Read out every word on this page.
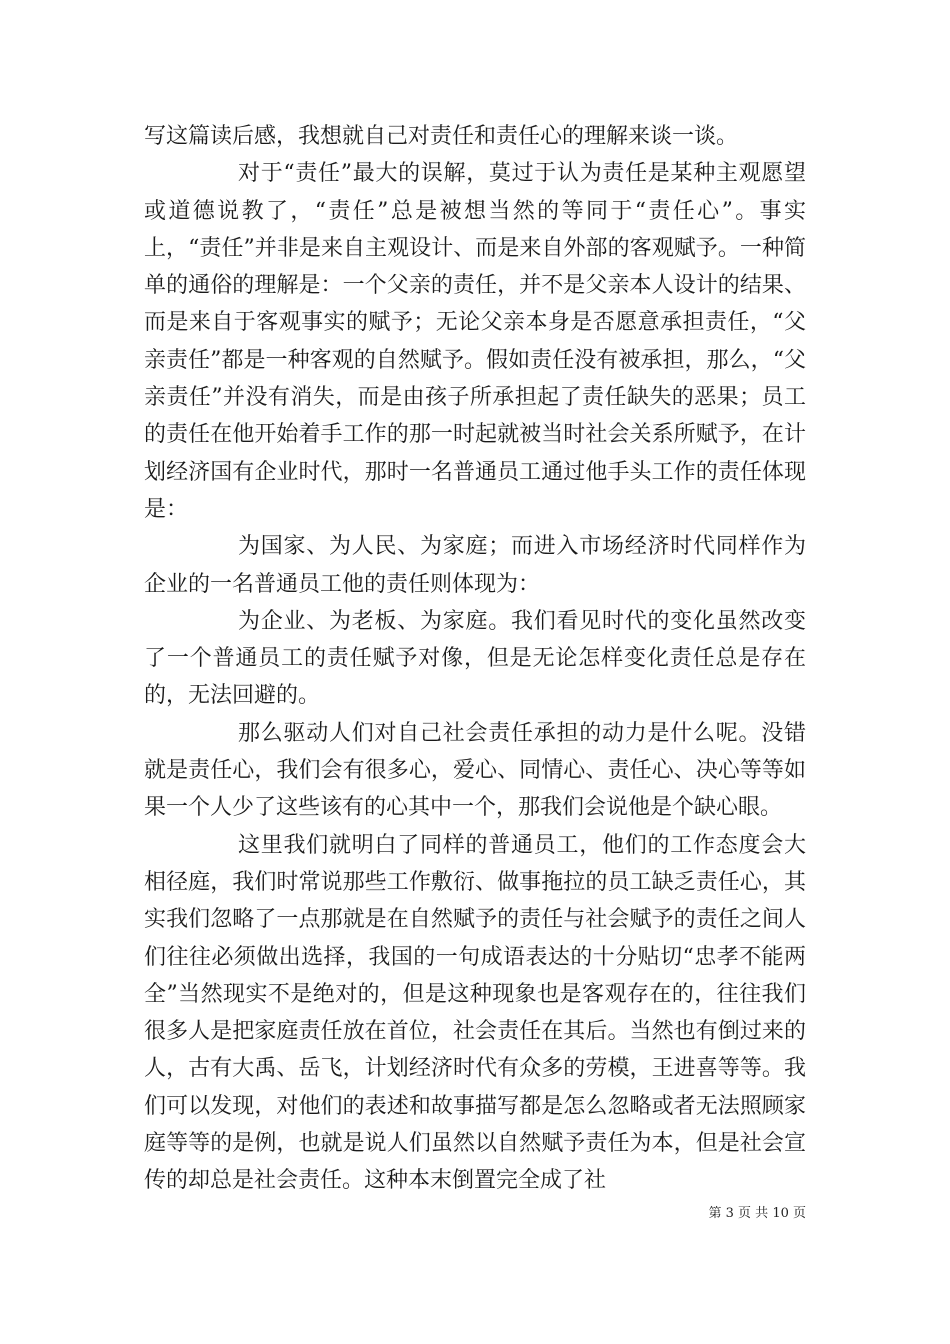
写这篇读后感，我想就自己对责任和责任心的理解来谈一谈。

对于“责任”最大的误解，莫过于认为责任是某种主观愿望或道德说教了，“责任”总是被想当然的等同于“责任心”。事实上，“责任”并非是来自主观设计、而是来自外部的客观赋予。一种简单的通俗的理解是：一个父亲的责任，并不是父亲本人设计的结果、而是来自于客观事实的赋予；无论父亲本身是否愿意承担责任，“父亲责任”都是一种客观的自然赋予。假如责任没有被承担，那么，“父亲责任”并没有消失，而是由孩子所承担起了责任缺失的恶果；员工的责任在他开始着手工作的那一时起就被当时社会关系所赋予，在计划经济国有企业时代，那时一名普通员工通过他手头工作的责任体现是：

为国家、为人民、为家庭；而进入市场经济时代同样作为企业的一名普通员工他的责任则体现为：

为企业、为老板、为家庭。我们看见时代的变化虽然改变了一个普通员工的责任赋予对像，但是无论怎样变化责任总是存在的，无法回避的。

那么驱动人们对自己社会责任承担的动力是什么呢。没错就是责任心，我们会有很多心，爱心、同情心、责任心、决心等等如果一个人少了这些该有的心其中一个，那我们会说他是个缺心眼。

这里我们就明白了同样的普通员工，他们的工作态度会大相径庭，我们时常说那些工作敷衍、做事拖拉的员工缺乏责任心，其实我们忽略了一点那就是在自然赋予的责任与社会赋予的责任之间人们往往必须做出选择，我国的一句成语表达的十分贴切“忠孝不能两全”当然现实不是绝对的，但是这种现象也是客观存在的，往往我们很多人是把家庭责任放在首位，社会责任在其后。当然也有倒过来的人，古有大禹、岳飞，计划经济时代有众多的劳模，王进喜等等。我们可以发现，对他们的表述和故事描写都是怎么忽略或者无法照顾家庭等等的是例，也就是说人们虽然以自然赋予责任为本，但是社会宣传的却总是社会责任。这种本末倒置完全成了社

第 3 页 共 10 页
